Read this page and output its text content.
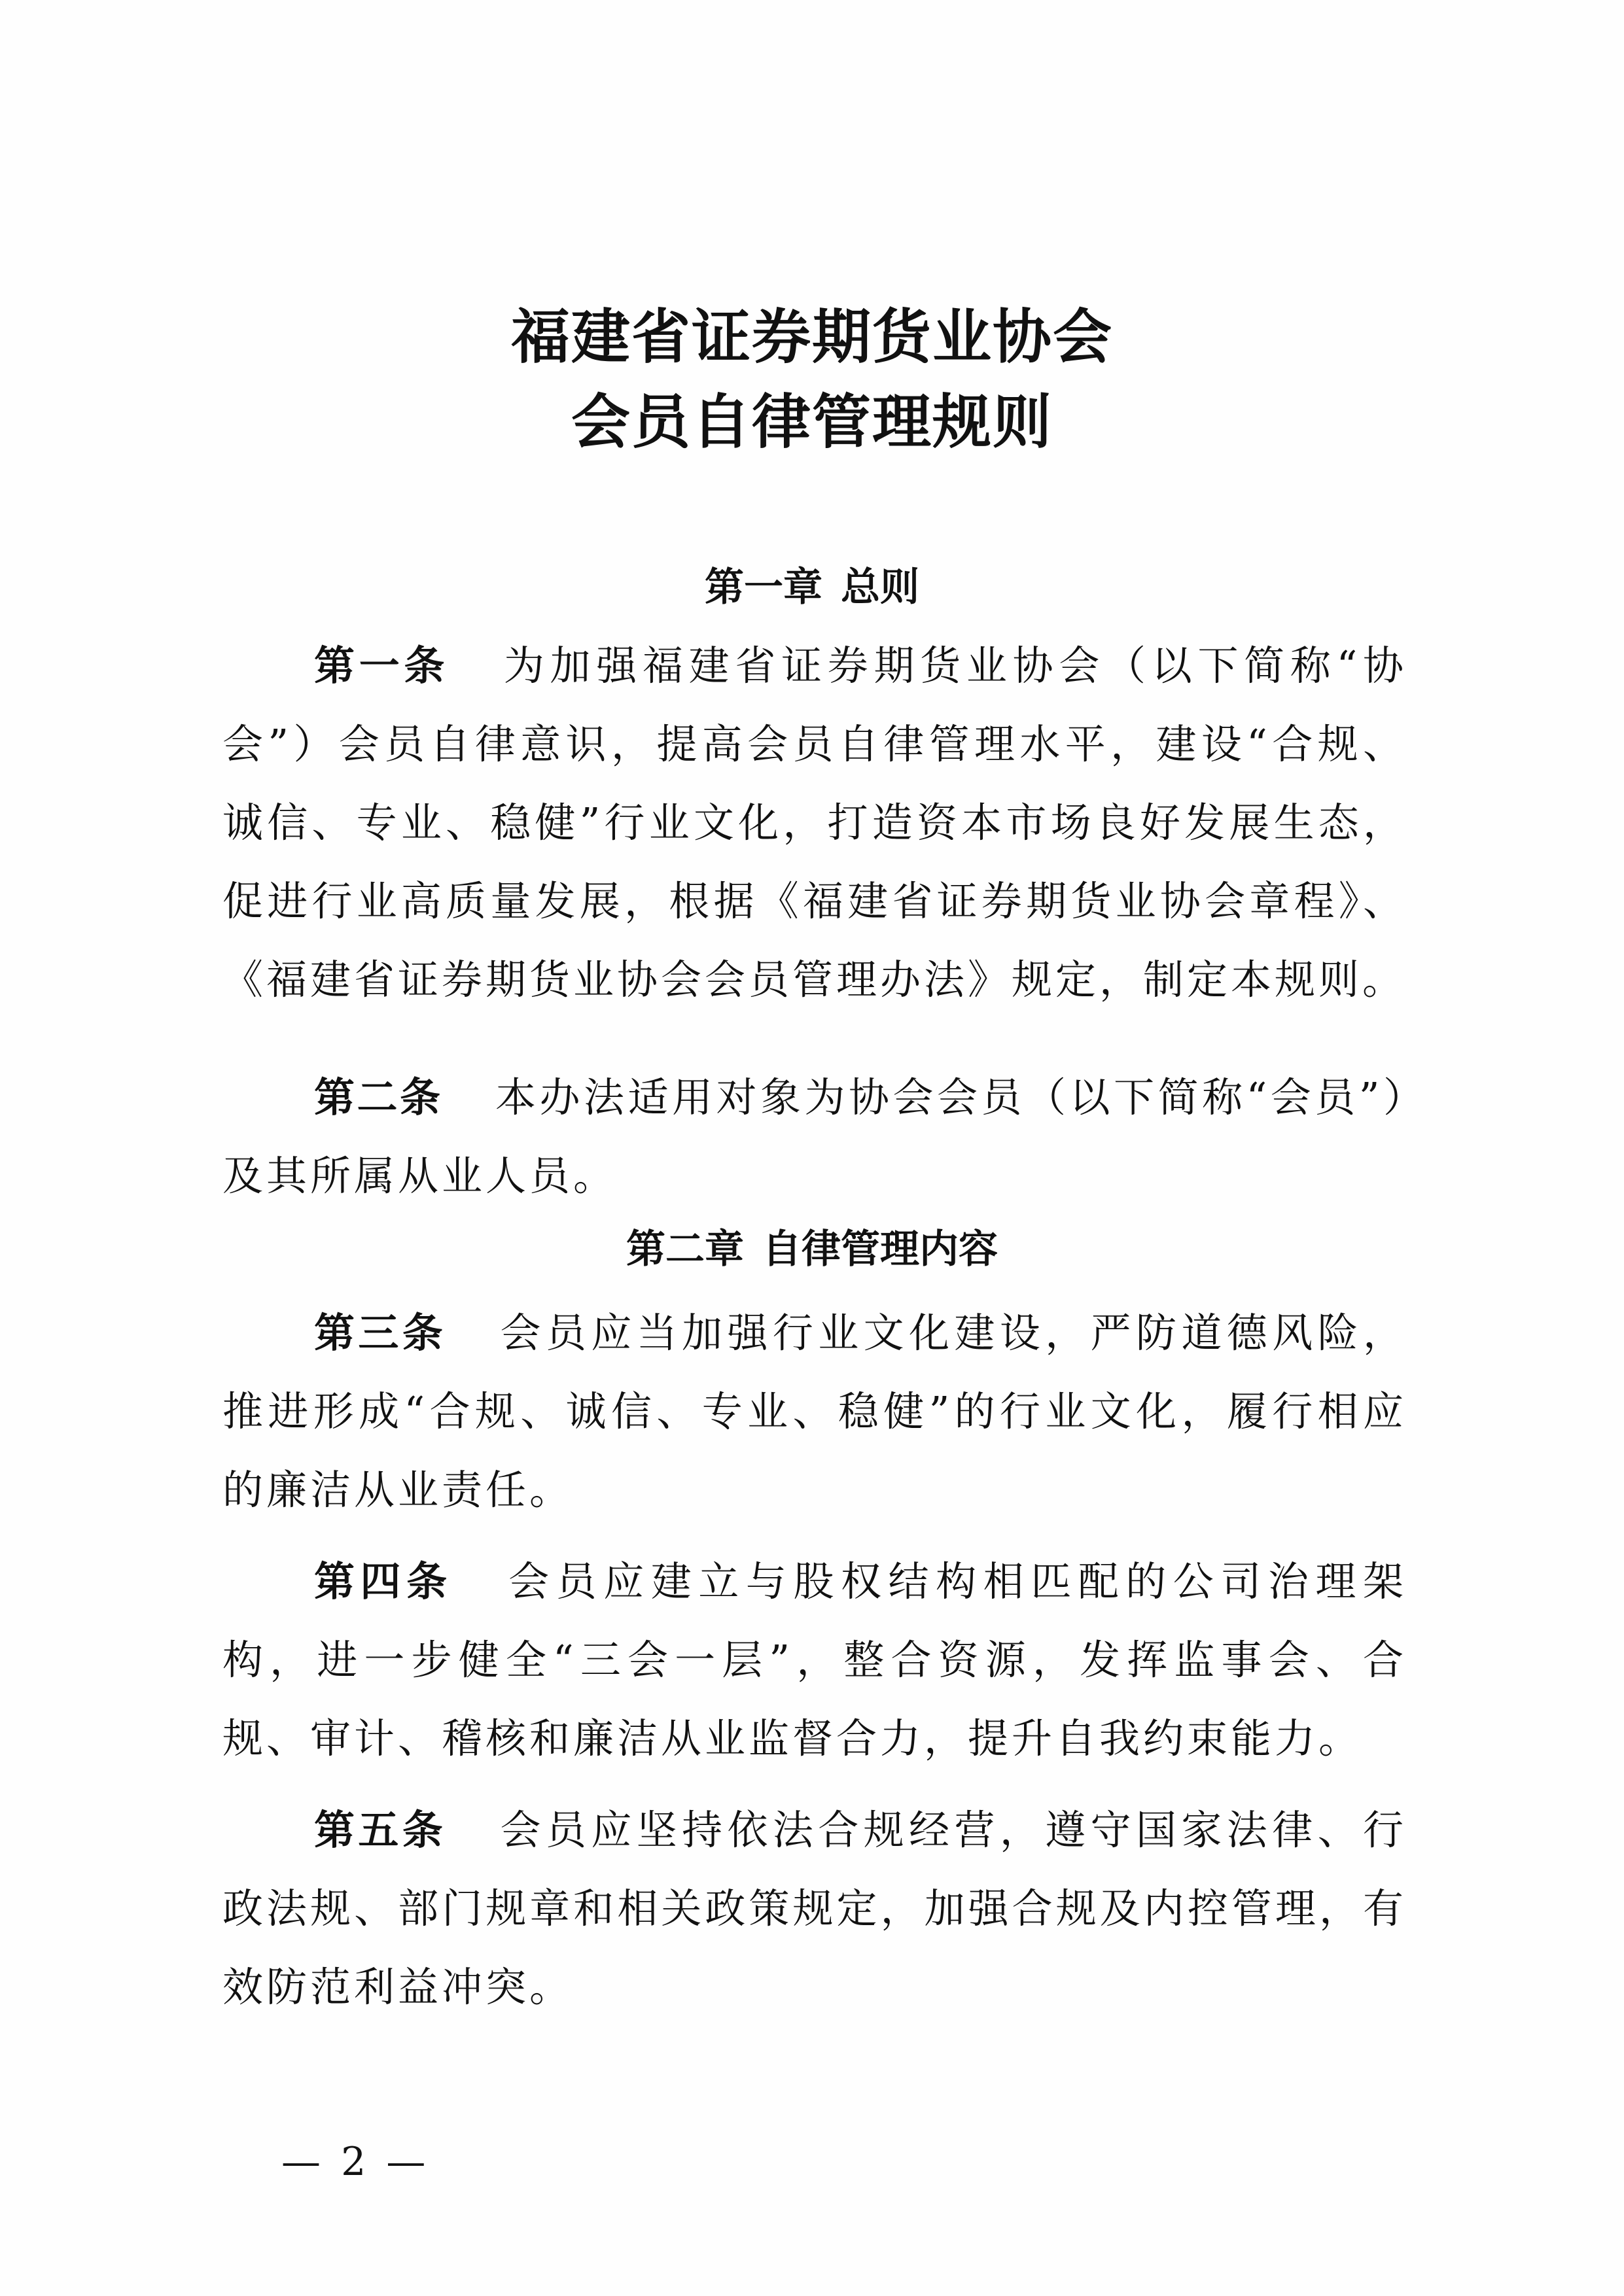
福建省证券期货业协会
会员自律管理规则
第一章 总则
第一条 为加强福建省证券期货业协会（以下简称“协会”）会员自律意识，提高会员自律管理水平，建设“合规、诚信、专业、稳健”行业文化，打造资本市场良好发展生态，促进行业高质量发展，根据《福建省证券期货业协会章程》、《福建省证券期货业协会会员管理办法》规定，制定本规则。
第二条 本办法适用对象为协会会员（以下简称“会员”）及其所属从业人员。
第二章 自律管理内容
第三条 会员应当加强行业文化建设，严防道德风险，推进形成“合规、诚信、专业、稳健”的行业文化，履行相应的廉洁从业责任。
第四条 会员应建立与股权结构相匹配的公司治理架构，进一步健全“三会一层”，整合资源，发挥监事会、合规、审计、稽核和廉洁从业监督合力，提升自我约束能力。
第五条 会员应坚持依法合规经营，遵守国家法律、行政法规、部门规章和相关政策规定，加强合规及内控管理，有效防范利益冲突。
— 2 —
